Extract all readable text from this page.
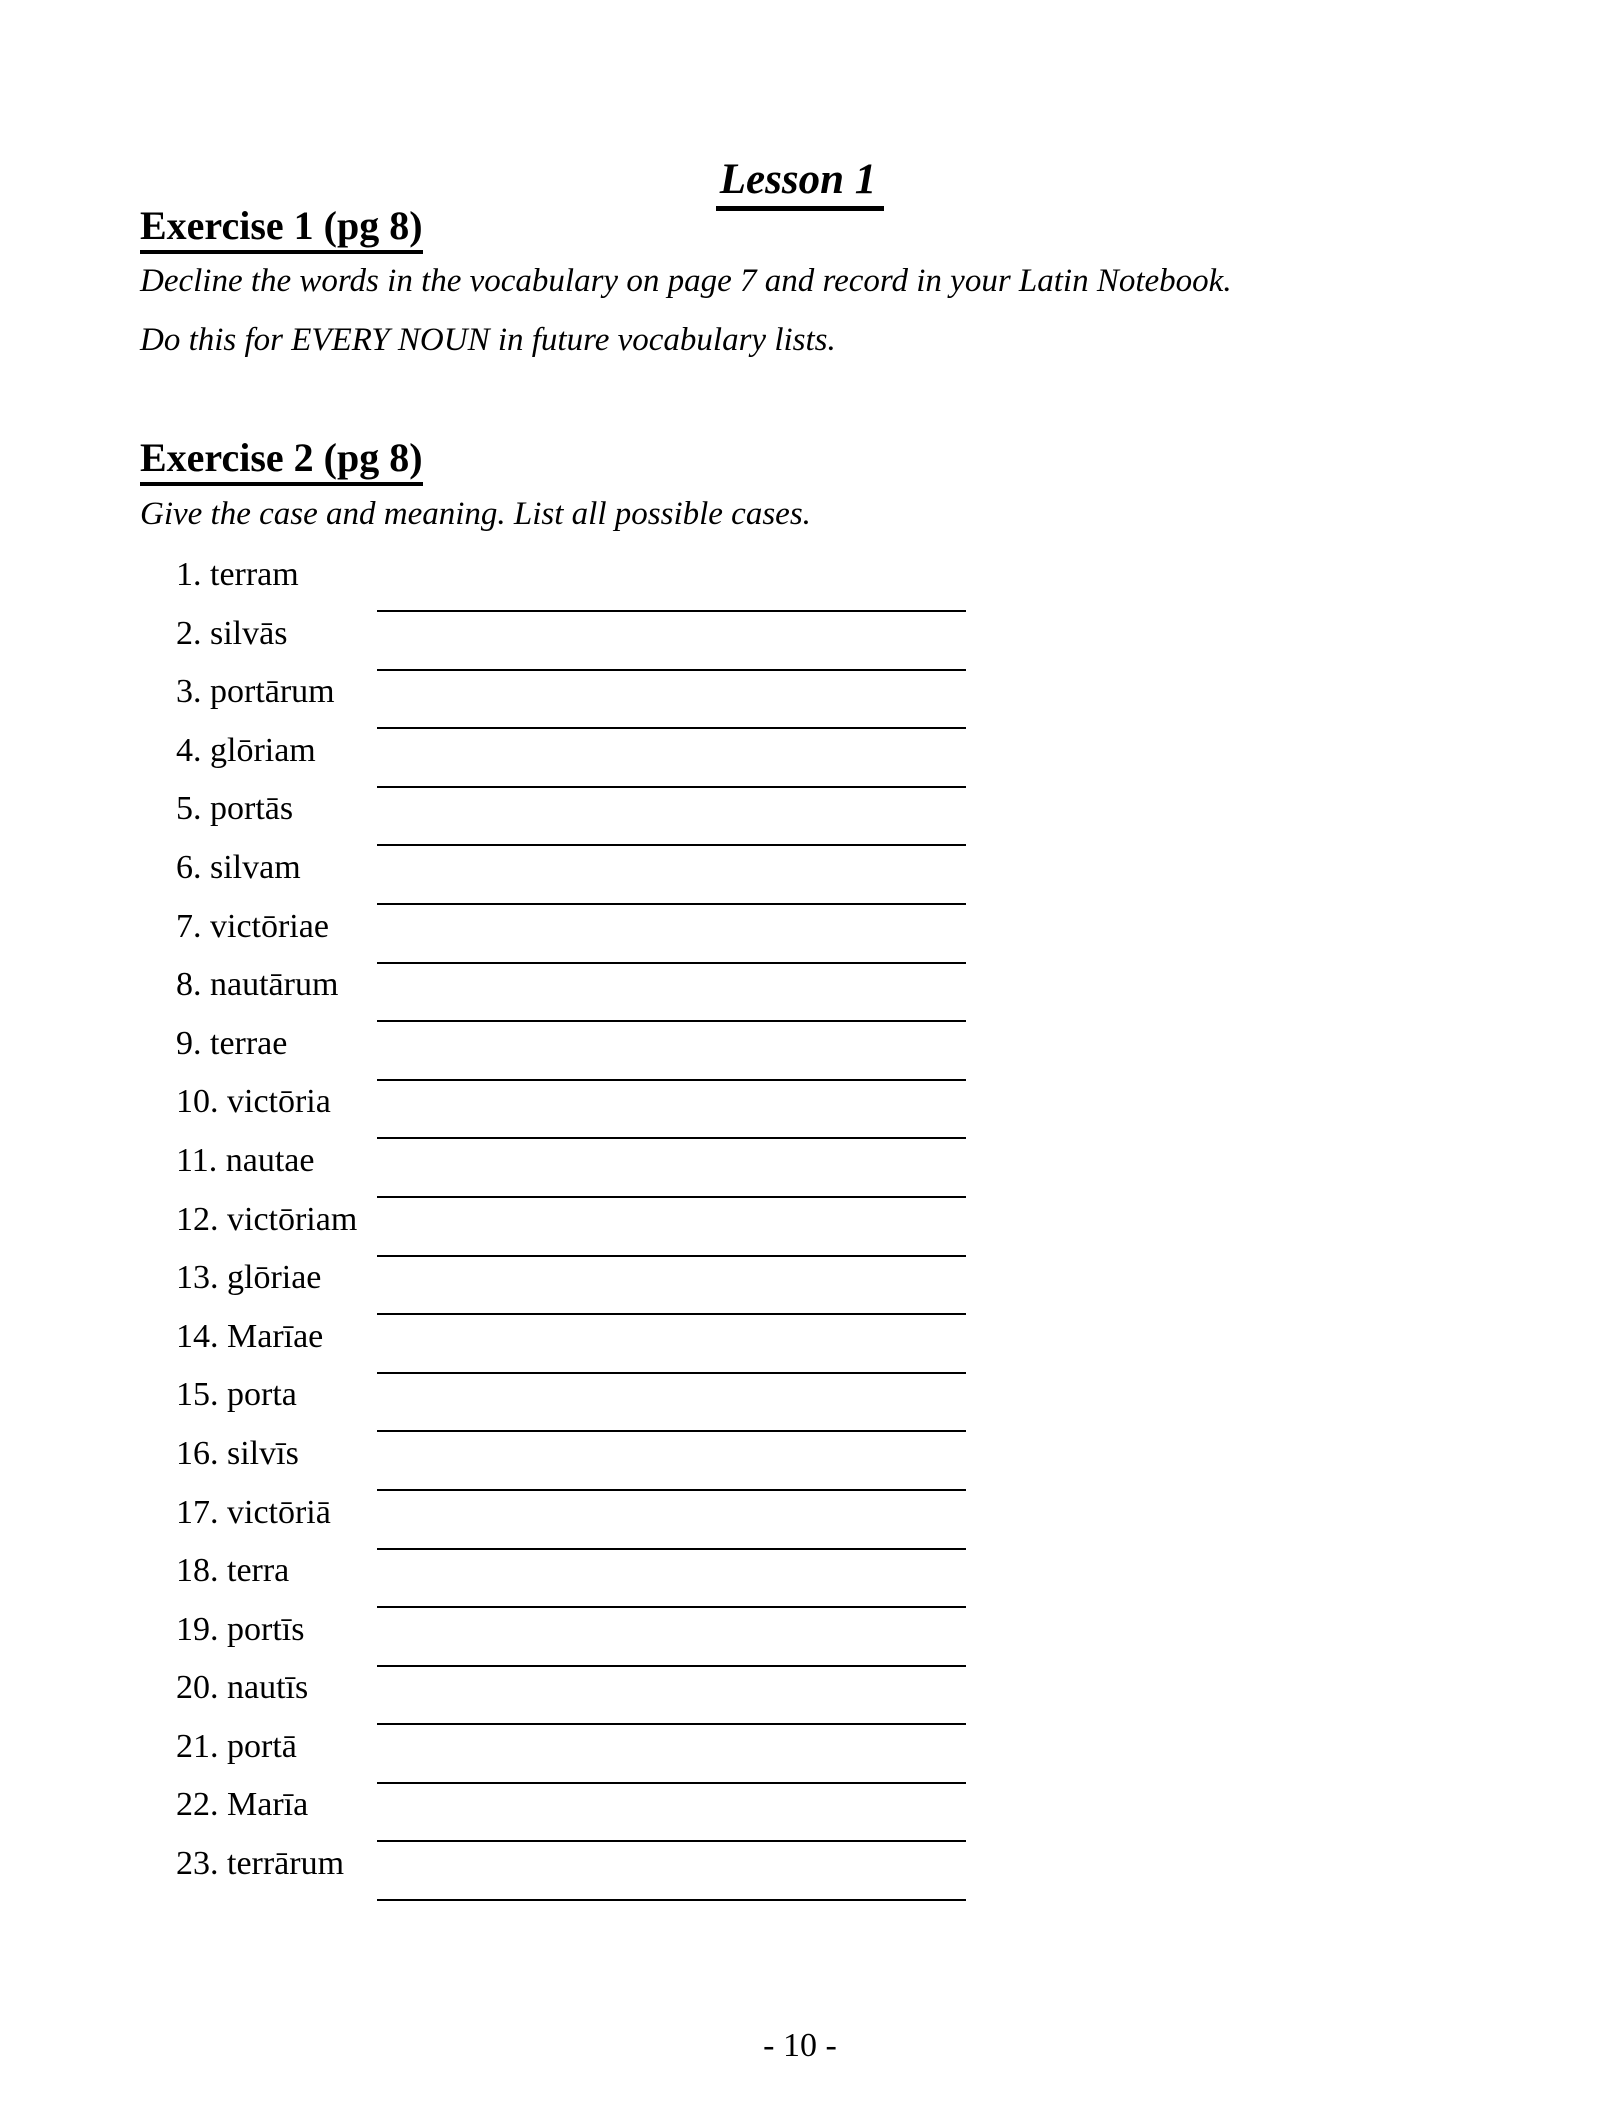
Lesson 1
Exercise 1 (pg 8)
Decline the words in the vocabulary on page 7 and record in your Latin Notebook.
Do this for EVERY NOUN in future vocabulary lists.
Exercise 2 (pg 8)
Give the case and meaning. List all possible cases.
1. terram
2. silvās
3. portārum
4. glōriam
5. portās
6. silvam
7. victōriae
8. nautārum
9. terrae
10. victōria
11. nautae
12. victōriam
13. glōriae
14. Marīae
15. porta
16. silvīs
17. victōriā
18. terra
19. portīs
20. nautīs
21. portā
22. Marīa
23. terrārum
- 10 -
